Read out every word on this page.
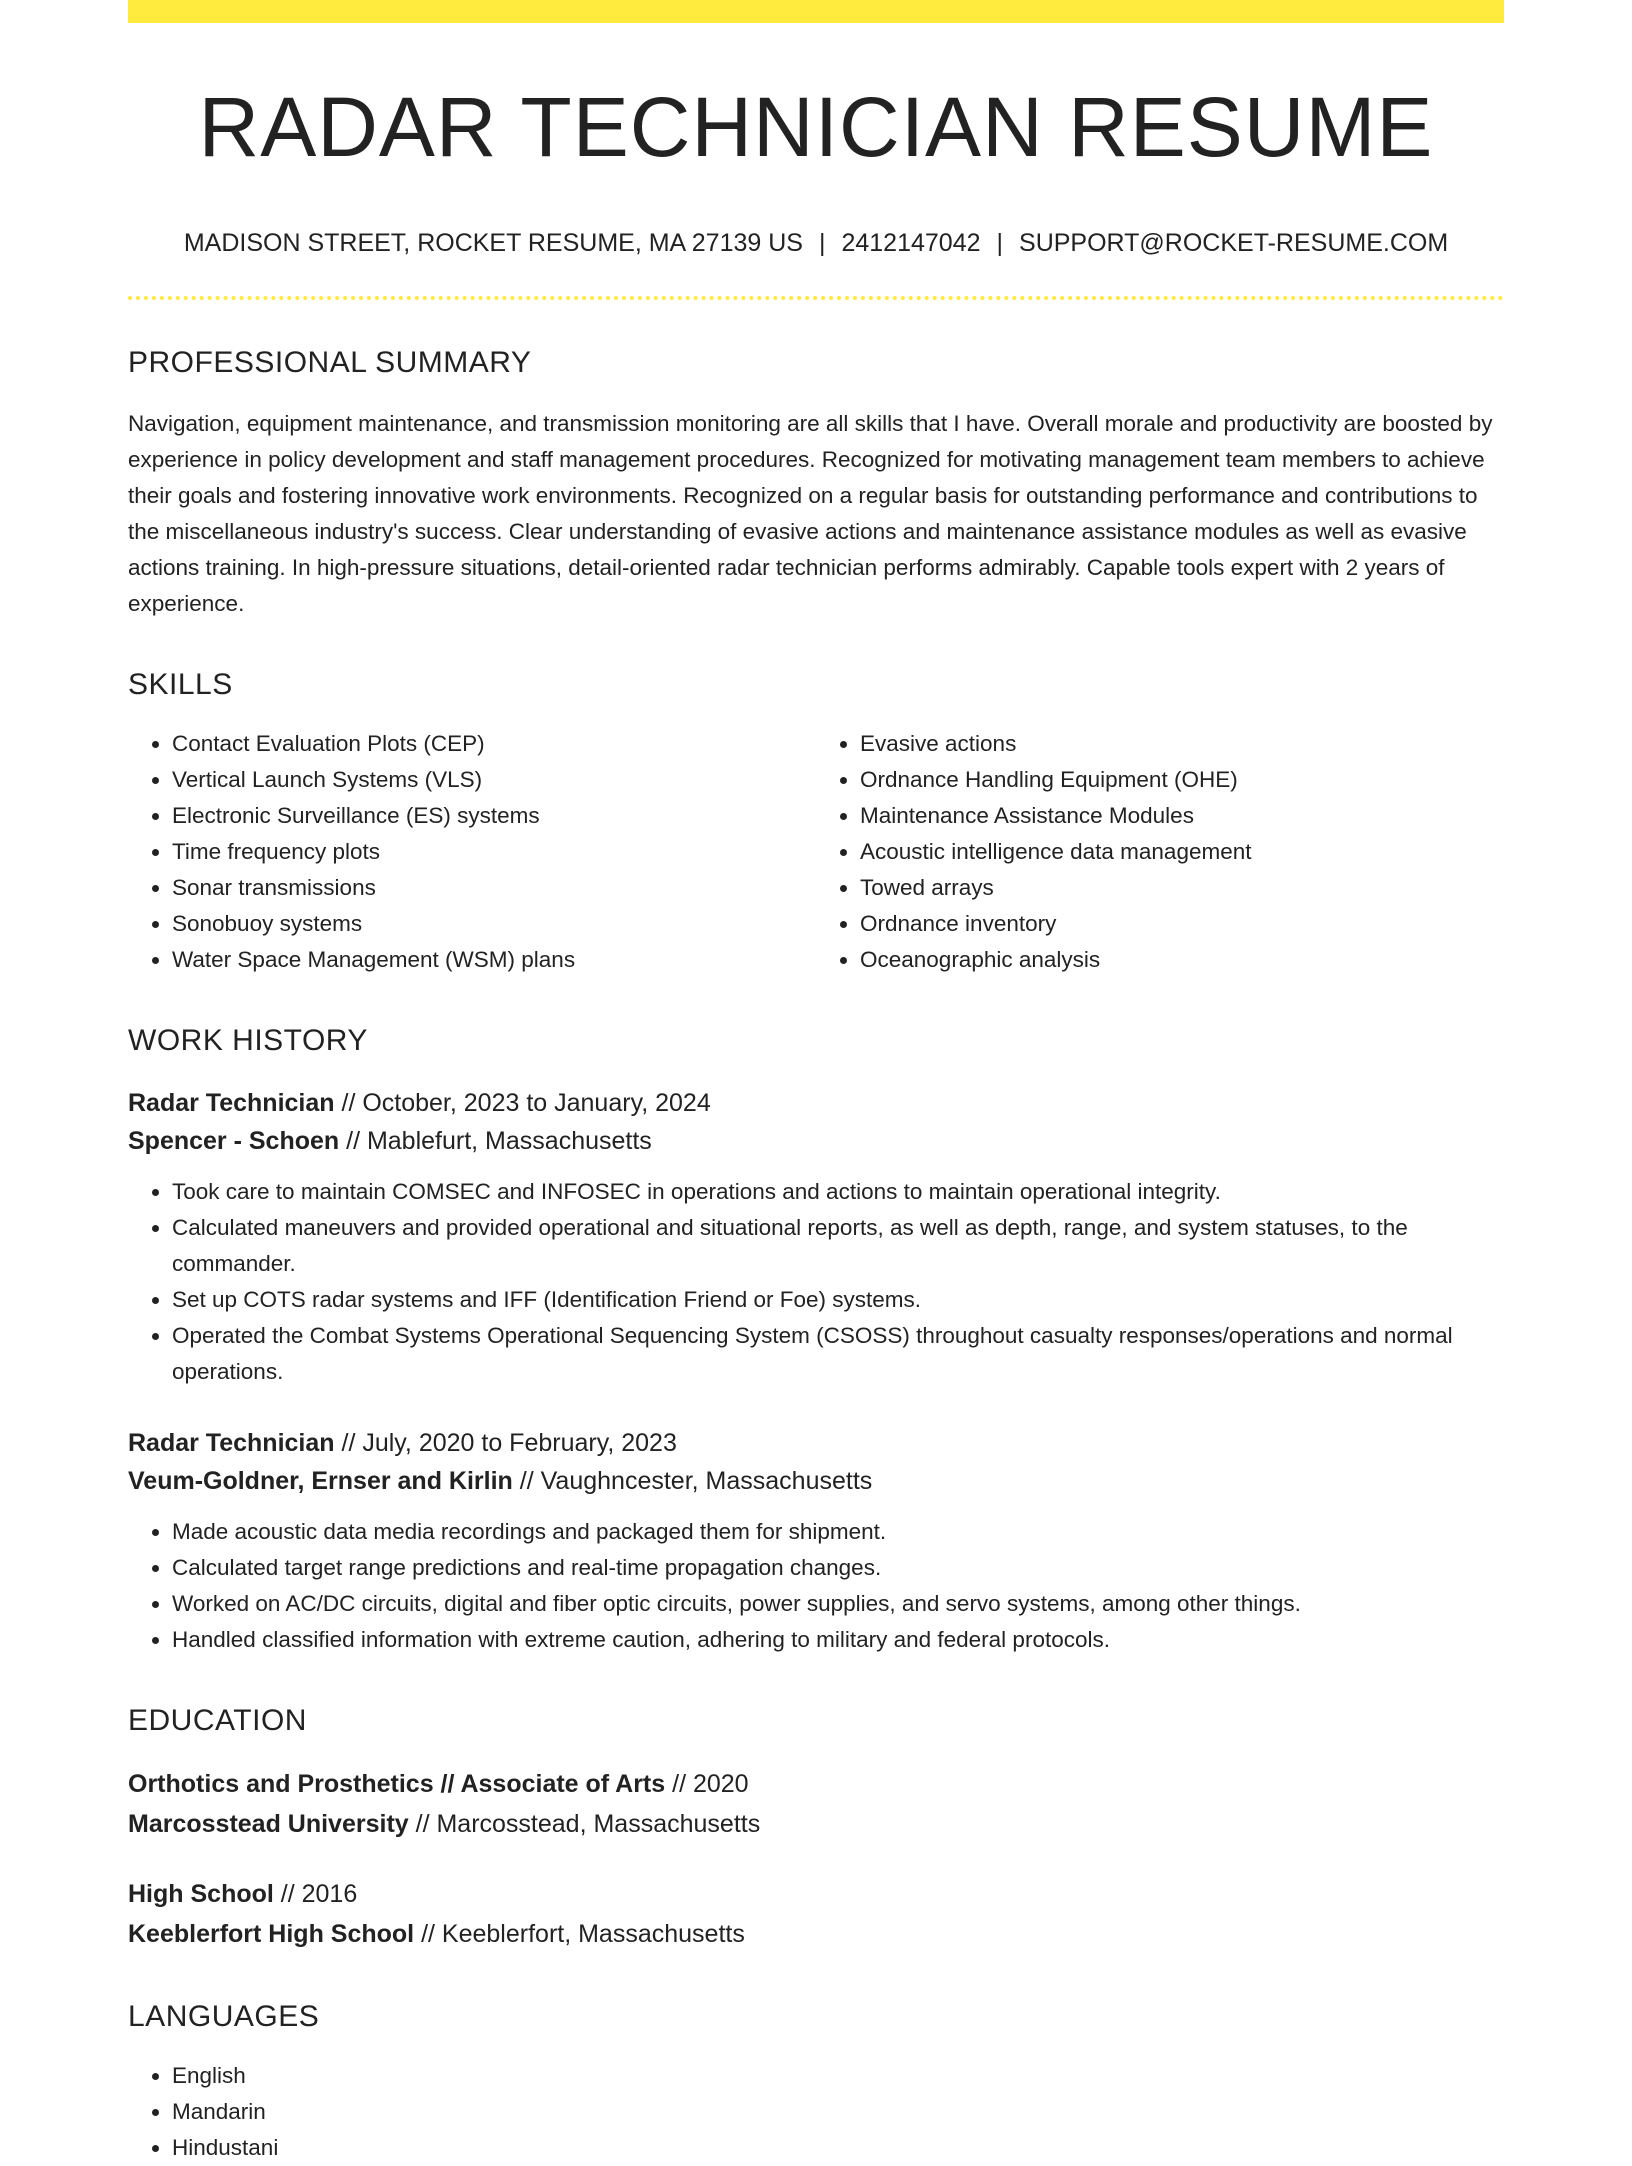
RADAR TECHNICIAN RESUME
MADISON STREET, ROCKET RESUME, MA 27139 US | 2412147042 | SUPPORT@ROCKET-RESUME.COM
PROFESSIONAL SUMMARY
Navigation, equipment maintenance, and transmission monitoring are all skills that I have. Overall morale and productivity are boosted by experience in policy development and staff management procedures. Recognized for motivating management team members to achieve their goals and fostering innovative work environments. Recognized on a regular basis for outstanding performance and contributions to the miscellaneous industry's success. Clear understanding of evasive actions and maintenance assistance modules as well as evasive actions training. In high-pressure situations, detail-oriented radar technician performs admirably. Capable tools expert with 2 years of experience.
SKILLS
• Contact Evaluation Plots (CEP)
• Vertical Launch Systems (VLS)
• Electronic Surveillance (ES) systems
• Time frequency plots
• Sonar transmissions
• Sonobuoy systems
• Water Space Management (WSM) plans
• Evasive actions
• Ordnance Handling Equipment (OHE)
• Maintenance Assistance Modules
• Acoustic intelligence data management
• Towed arrays
• Ordnance inventory
• Oceanographic analysis
WORK HISTORY
Radar Technician // October, 2023 to January, 2024
Spencer - Schoen // Mablefurt, Massachusetts
• Took care to maintain COMSEC and INFOSEC in operations and actions to maintain operational integrity.
• Calculated maneuvers and provided operational and situational reports, as well as depth, range, and system statuses, to the commander.
• Set up COTS radar systems and IFF (Identification Friend or Foe) systems.
• Operated the Combat Systems Operational Sequencing System (CSOSS) throughout casualty responses/operations and normal operations.
Radar Technician // July, 2020 to February, 2023
Veum-Goldner, Ernser and Kirlin // Vaughncester, Massachusetts
• Made acoustic data media recordings and packaged them for shipment.
• Calculated target range predictions and real-time propagation changes.
• Worked on AC/DC circuits, digital and fiber optic circuits, power supplies, and servo systems, among other things.
• Handled classified information with extreme caution, adhering to military and federal protocols.
EDUCATION
Orthotics and Prosthetics // Associate of Arts // 2020
Marcosstead University // Marcosstead, Massachusetts
High School // 2016
Keeblerfort High School // Keeblerfort, Massachusetts
LANGUAGES
• English
• Mandarin
• Hindustani
